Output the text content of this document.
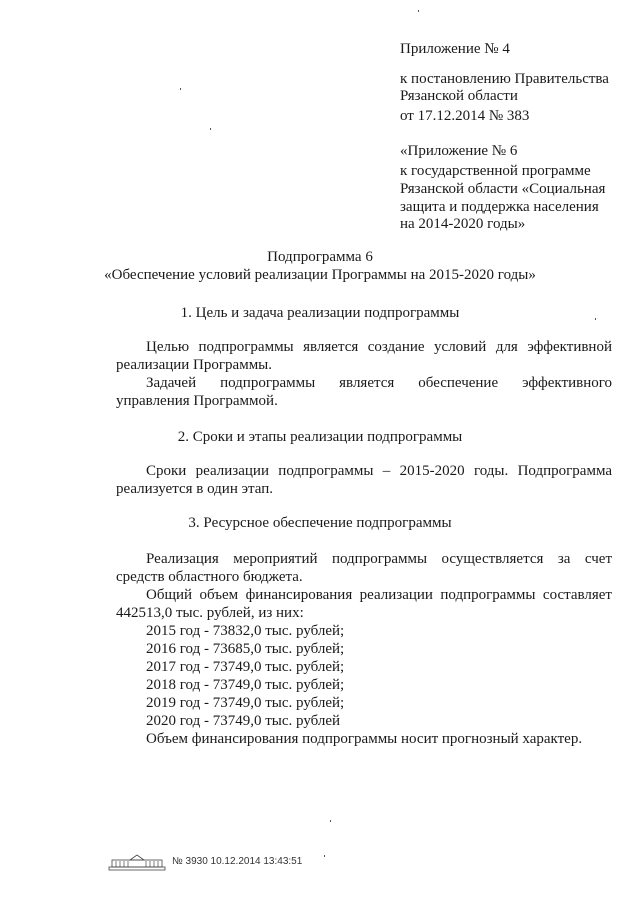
Приложение № 4
к постановлению Правительства
Рязанской области
от 17.12.2014 № 383
«Приложение № 6
к государственной программе
Рязанской области «Социальная
защита и поддержка населения
на 2014-2020 годы»
Подпрограмма 6
«Обеспечение условий реализации Программы на 2015-2020 годы»
1. Цель и задача реализации подпрограммы
Целью подпрограммы является создание условий для эффективной
реализации Программы.
Задачей подпрограммы является обеспечение эффективного
управления Программой.
2. Сроки и этапы реализации подпрограммы
Сроки реализации подпрограммы – 2015-2020 годы. Подпрограмма
реализуется в один этап.
3. Ресурсное обеспечение подпрограммы
Реализация мероприятий подпрограммы осуществляется за счет
средств областного бюджета.
Общий объем финансирования реализации подпрограммы составляет
442513,0 тыс. рублей, из них:
2015 год - 73832,0 тыс. рублей;
2016 год - 73685,0 тыс. рублей;
2017 год - 73749,0 тыс. рублей;
2018 год - 73749,0 тыс. рублей;
2019 год - 73749,0 тыс. рублей;
2020 год - 73749,0 тыс. рублей
Объем финансирования подпрограммы носит прогнозный характер.
№ 3930 10.12.2014 13:43:51
